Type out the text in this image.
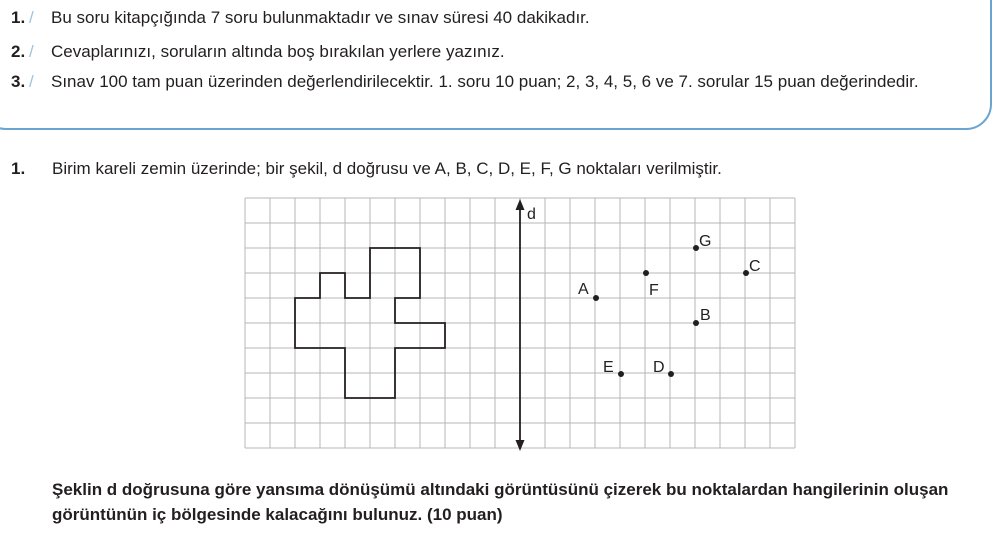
1. / Bu soru kitapçığında 7 soru bulunmaktadır ve sınav süresi 40 dakikadır.
2. / Cevaplarınızı, soruların altında boş bırakılan yerlere yazınız.
3. / Sınav 100 tam puan üzerinden değerlendirilecektir. 1. soru 10 puan; 2, 3, 4, 5, 6 ve 7. sorular 15 puan değerindedir.
1. Birim kareli zemin üzerinde; bir şekil, d doğrusu ve A, B, C, D, E, F, G noktaları verilmiştir.
d
A
B
C
D
E
F
G
Şeklin d doğrusuna göre yansıma dönüşümü altındaki görüntüsünü çizerek bu noktalardan hangilerinin oluşan görüntünün iç bölgesinde kalacağını bulunuz. (10 puan)
